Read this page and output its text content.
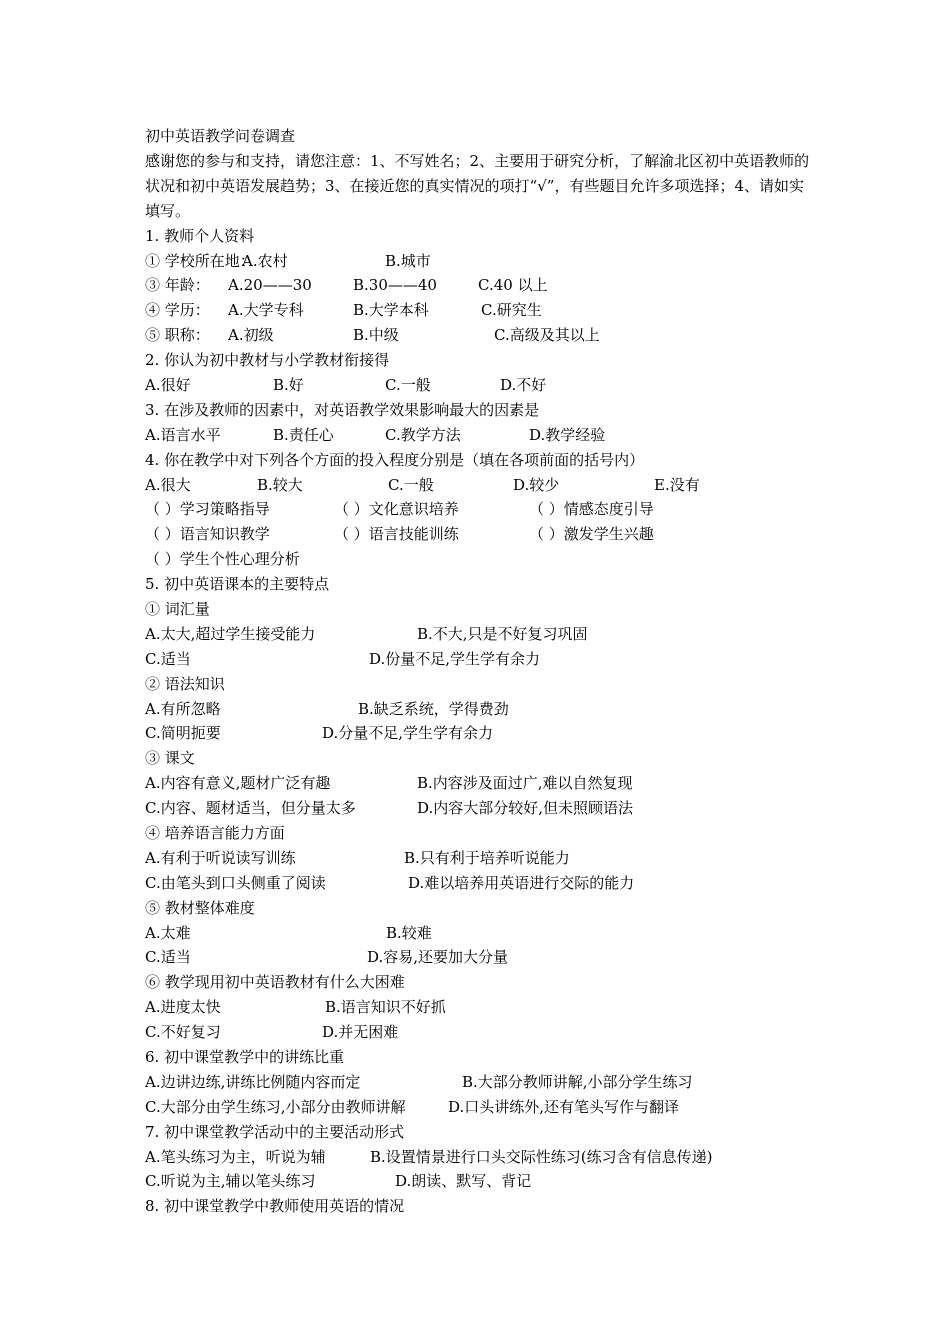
初中英语教学问卷调查
感谢您的参与和支持，请您注意：1、不写姓名；2、主要用于研究分析，了解渝北区初中英语教师的状况和初中英语发展趋势；3、在接近您的真实情况的项打“√”，有些题目允许多项选择；4、请如实填写。
1. 教师个人资料
① 学校所在地：
A.农村	B.城市
③ 年龄： A.20——30	B.30——40	C.40 以上
④ 学历： A.大学专科	B.大学本科	C.研究生
⑤ 职称： A.初级	B.中级	C.高级及其以上
2. 你认为初中教材与小学教材衔接得
A.很好	B.好	C.一般	D.不好
3. 在涉及教师的因素中，对英语教学效果影响最大的因素是
A.语言水平	B.责任心	C.教学方法	D.教学经验
4. 你在教学中对下列各个方面的投入程度分别是（填在各项前面的括号内）
A.很大	B.较大	C.一般	D.较少	E.没有
（ ）学习策略指导	（ ）文化意识培养	（ ）情感态度引导
（ ）语言知识教学	（ ）语言技能训练	（ ）激发学生兴趣
（ ）学生个性心理分析
5. 初中英语课本的主要特点
① 词汇量
A.太大,超过学生接受能力	B.不大,只是不好复习巩固
C.适当	D.份量不足,学生学有余力
② 语法知识
A.有所忽略	B.缺乏系统，学得费劲
C.简明扼要	D.分量不足,学生学有余力
③ 课文
A.内容有意义,题材广泛有趣	B.内容涉及面过广,难以自然复现
C.内容、题材适当，但分量太多	D.内容大部分较好,但未照顾语法
④ 培养语言能力方面
A.有利于听说读写训练	B.只有利于培养听说能力
C.由笔头到口头侧重了阅读	D.难以培养用英语进行交际的能力
⑤ 教材整体难度
A.太难	B.较难
C.适当	D.容易,还要加大分量
⑥ 教学现用初中英语教材有什么大困难
A.进度太快	B.语言知识不好抓
C.不好复习	D.并无困难
6. 初中课堂教学中的讲练比重
A.边讲边练,讲练比例随内容而定	B.大部分教师讲解,小部分学生练习
C.大部分由学生练习,小部分由教师讲解	D.口头讲练外,还有笔头写作与翻译
7. 初中课堂教学活动中的主要活动形式
A.笔头练习为主，听说为辅	B.设置情景进行口头交际性练习(练习含有信息传递)
C.听说为主,辅以笔头练习	D.朗读、默写、背记
8. 初中课堂教学中教师使用英语的情况
